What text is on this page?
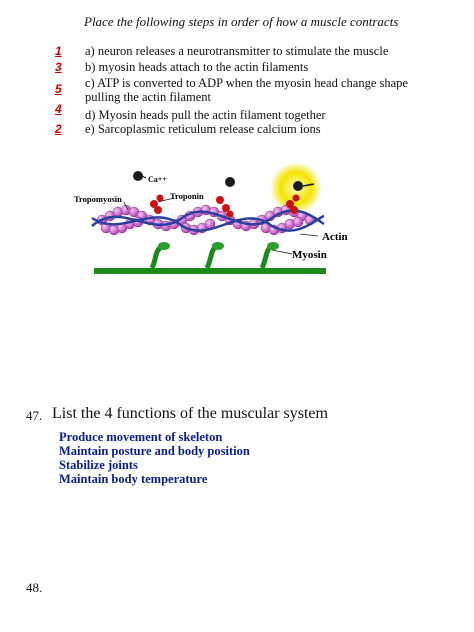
Place the following steps in order of how a muscle contracts
1	a) neuron releases a neurotransmitter to stimulate the muscle
3	b) myosin heads attach to the actin filaments
5	c) ATP is converted to ADP when the myosin head change shape
pulling the actin filament
4	d) Myosin heads pull the actin filament together
2	e) Sarcoplasmic reticulum release calcium ions
Ca++
Tropomyosin	Troponin
Actin
Myosin
47. List the 4 functions of the muscular system
Produce movement of skeleton
Maintain posture and body position
Stabilize joints
Maintain body temperature
48.
